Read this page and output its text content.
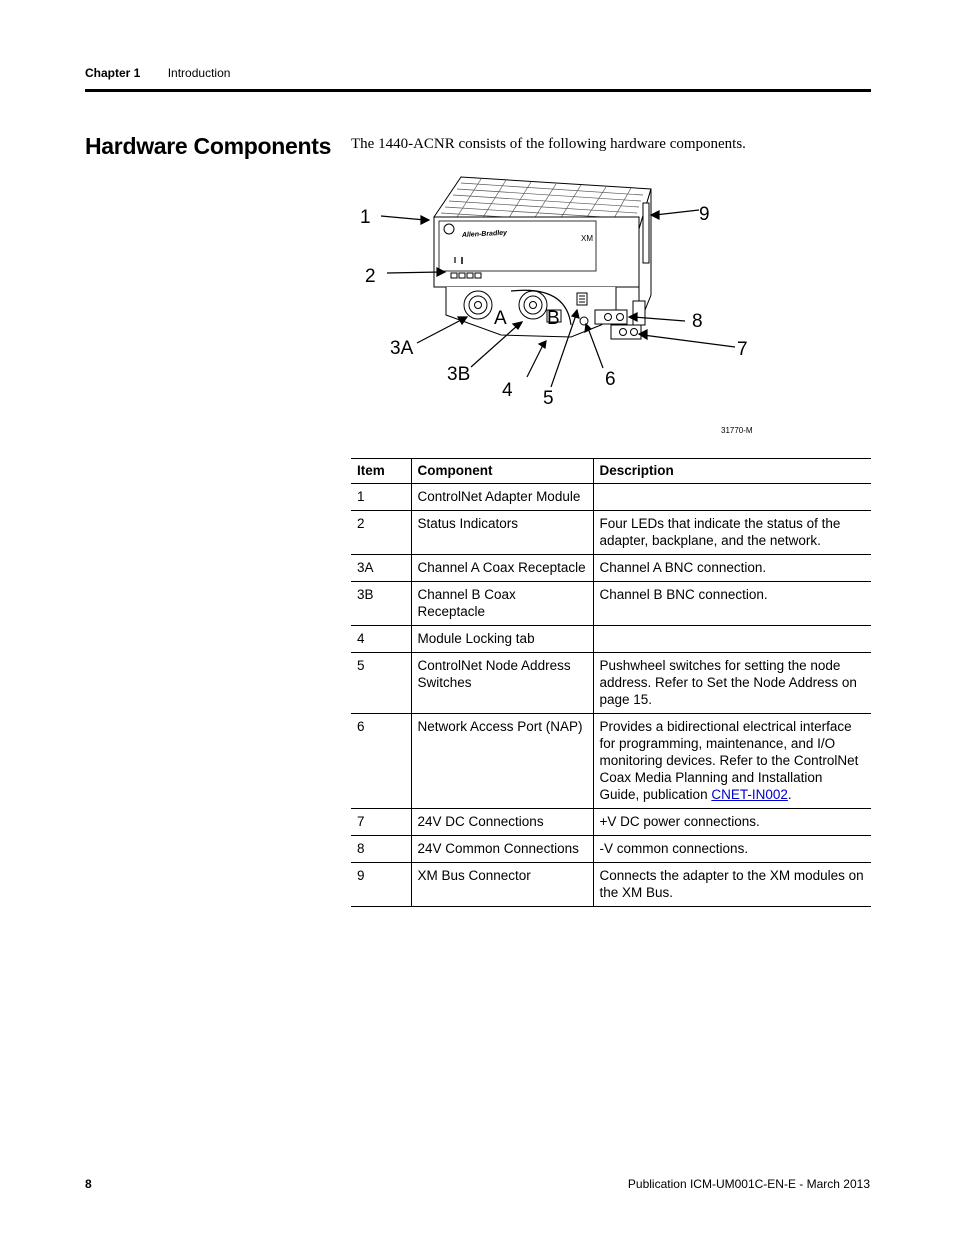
Chapter 1 Introduction
Hardware Components The 1440-ACNR consists of the following hardware components.

Allen-Bradley	XM
A B
1
2
3A
3B
4 5
6
7
8
9
31770-M
Item	Component	Description
1	ControlNet Adapter Module	
2	Status Indicators	Four LEDs that indicate the status of the adapter, backplane, and the network.
3A	Channel A Coax Receptacle	Channel A BNC connection.
3B	Channel B Coax Receptacle	Channel B BNC connection.
4	Module Locking tab	
5	ControlNet Node Address Switches	Pushwheel switches for setting the node address. Refer to Set the Node Address on page 15.
6	Network Access Port (NAP)	Provides a bidirectional electrical interface for programming, maintenance, and I/O monitoring devices. Refer to the ControlNet Coax Media Planning and Installation Guide, publication CNET-IN002.
7	24V DC Connections	+V DC power connections.
8	24V Common Connections	-V common connections.
9	XM Bus Connector	Connects the adapter to the XM modules on the XM Bus.
8	Publication ICM-UM001C-EN-E - March 2013
